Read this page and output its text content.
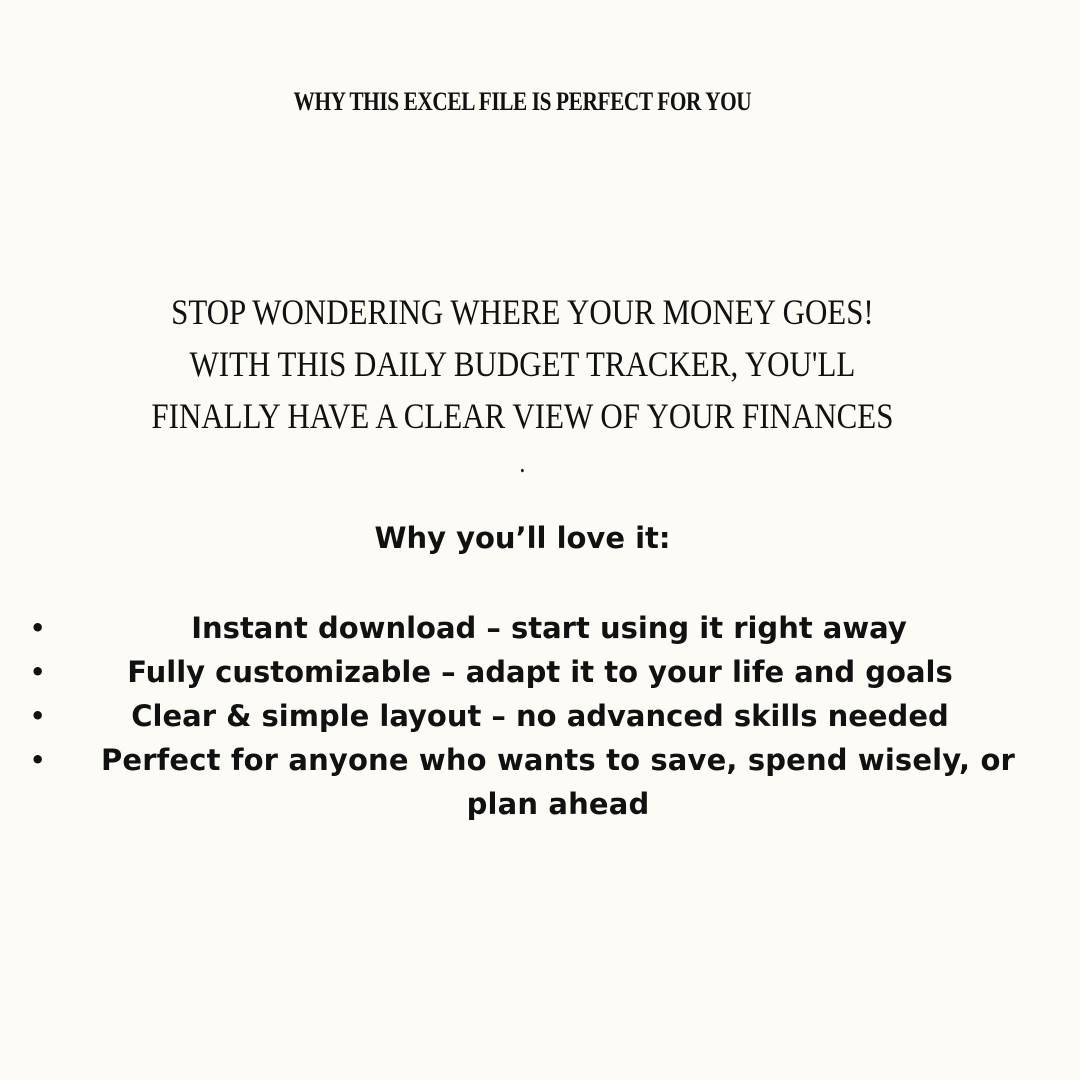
WHY THIS EXCEL FILE IS PERFECT FOR YOU
STOP WONDERING WHERE YOUR MONEY GOES!
WITH THIS DAILY BUDGET TRACKER, YOU'LL
FINALLY HAVE A CLEAR VIEW OF YOUR FINANCES
.
Why you’ll love it:
•	Instant download – start using it right away
•	Fully customizable – adapt it to your life and goals
•	Clear & simple layout – no advanced skills needed
•	Perfect for anyone who wants to save, spend wisely, or plan ahead
